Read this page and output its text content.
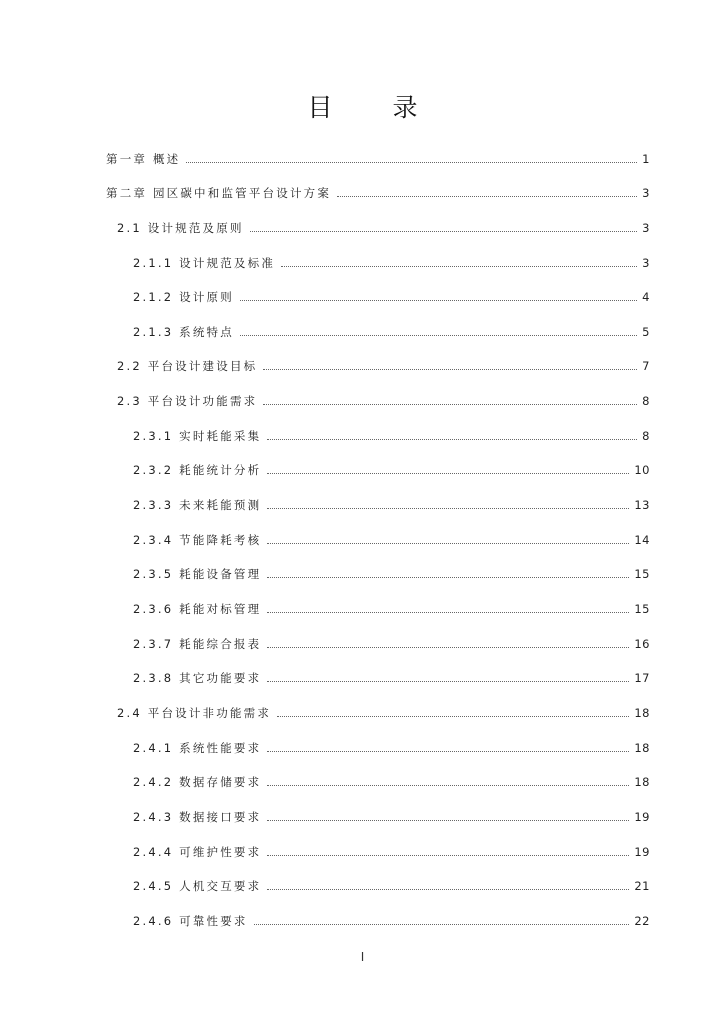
目 录
第一章 概述	1
第二章 园区碳中和监管平台设计方案	3
2.1 设计规范及原则	3
2.1.1 设计规范及标准	3
2.1.2 设计原则	4
2.1.3 系统特点	5
2.2 平台设计建设目标	7
2.3 平台设计功能需求	8
2.3.1 实时耗能采集	8
2.3.2 耗能统计分析	10
2.3.3 未来耗能预测	13
2.3.4 节能降耗考核	14
2.3.5 耗能设备管理	15
2.3.6 耗能对标管理	15
2.3.7 耗能综合报表	16
2.3.8 其它功能要求	17
2.4 平台设计非功能需求	18
2.4.1 系统性能要求	18
2.4.2 数据存储要求	18
2.4.3 数据接口要求	19
2.4.4 可维护性要求	19
2.4.5 人机交互要求	21
2.4.6 可靠性要求	22
I
